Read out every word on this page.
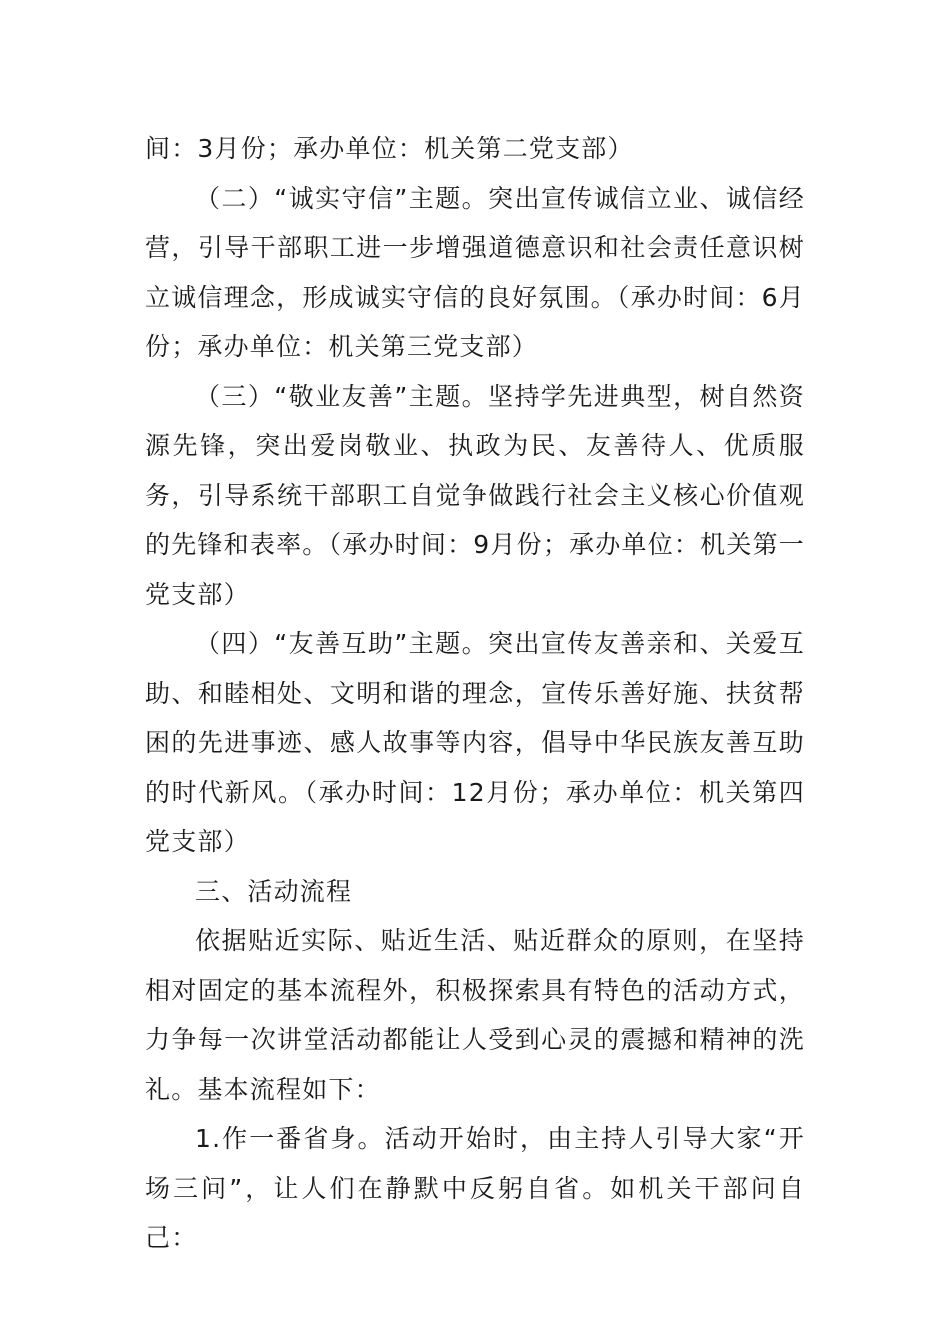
间：3月份；承办单位：机关第二党支部）

（二）“诚实守信”主题。突出宣传诚信立业、诚信经营，引导干部职工进一步增强道德意识和社会责任意识树立诚信理念，形成诚实守信的良好氛围。（承办时间：6月份；承办单位：机关第三党支部）

（三）“敬业友善”主题。坚持学先进典型，树自然资源先锋，突出爱岗敬业、执政为民、友善待人、优质服务，引导系统干部职工自觉争做践行社会主义核心价值观的先锋和表率。（承办时间：9月份；承办单位：机关第一党支部）

（四）“友善互助”主题。突出宣传友善亲和、关爱互助、和睦相处、文明和谐的理念，宣传乐善好施、扶贫帮困的先进事迹、感人故事等内容，倡导中华民族友善互助的时代新风。（承办时间：12月份；承办单位：机关第四党支部）

三、活动流程

依据贴近实际、贴近生活、贴近群众的原则，在坚持相对固定的基本流程外，积极探索具有特色的活动方式，力争每一次讲堂活动都能让人受到心灵的震撼和精神的洗礼。基本流程如下：

1.作一番省身。活动开始时，由主持人引导大家“开场三问”，让人们在静默中反躬自省。如机关干部问自己：
